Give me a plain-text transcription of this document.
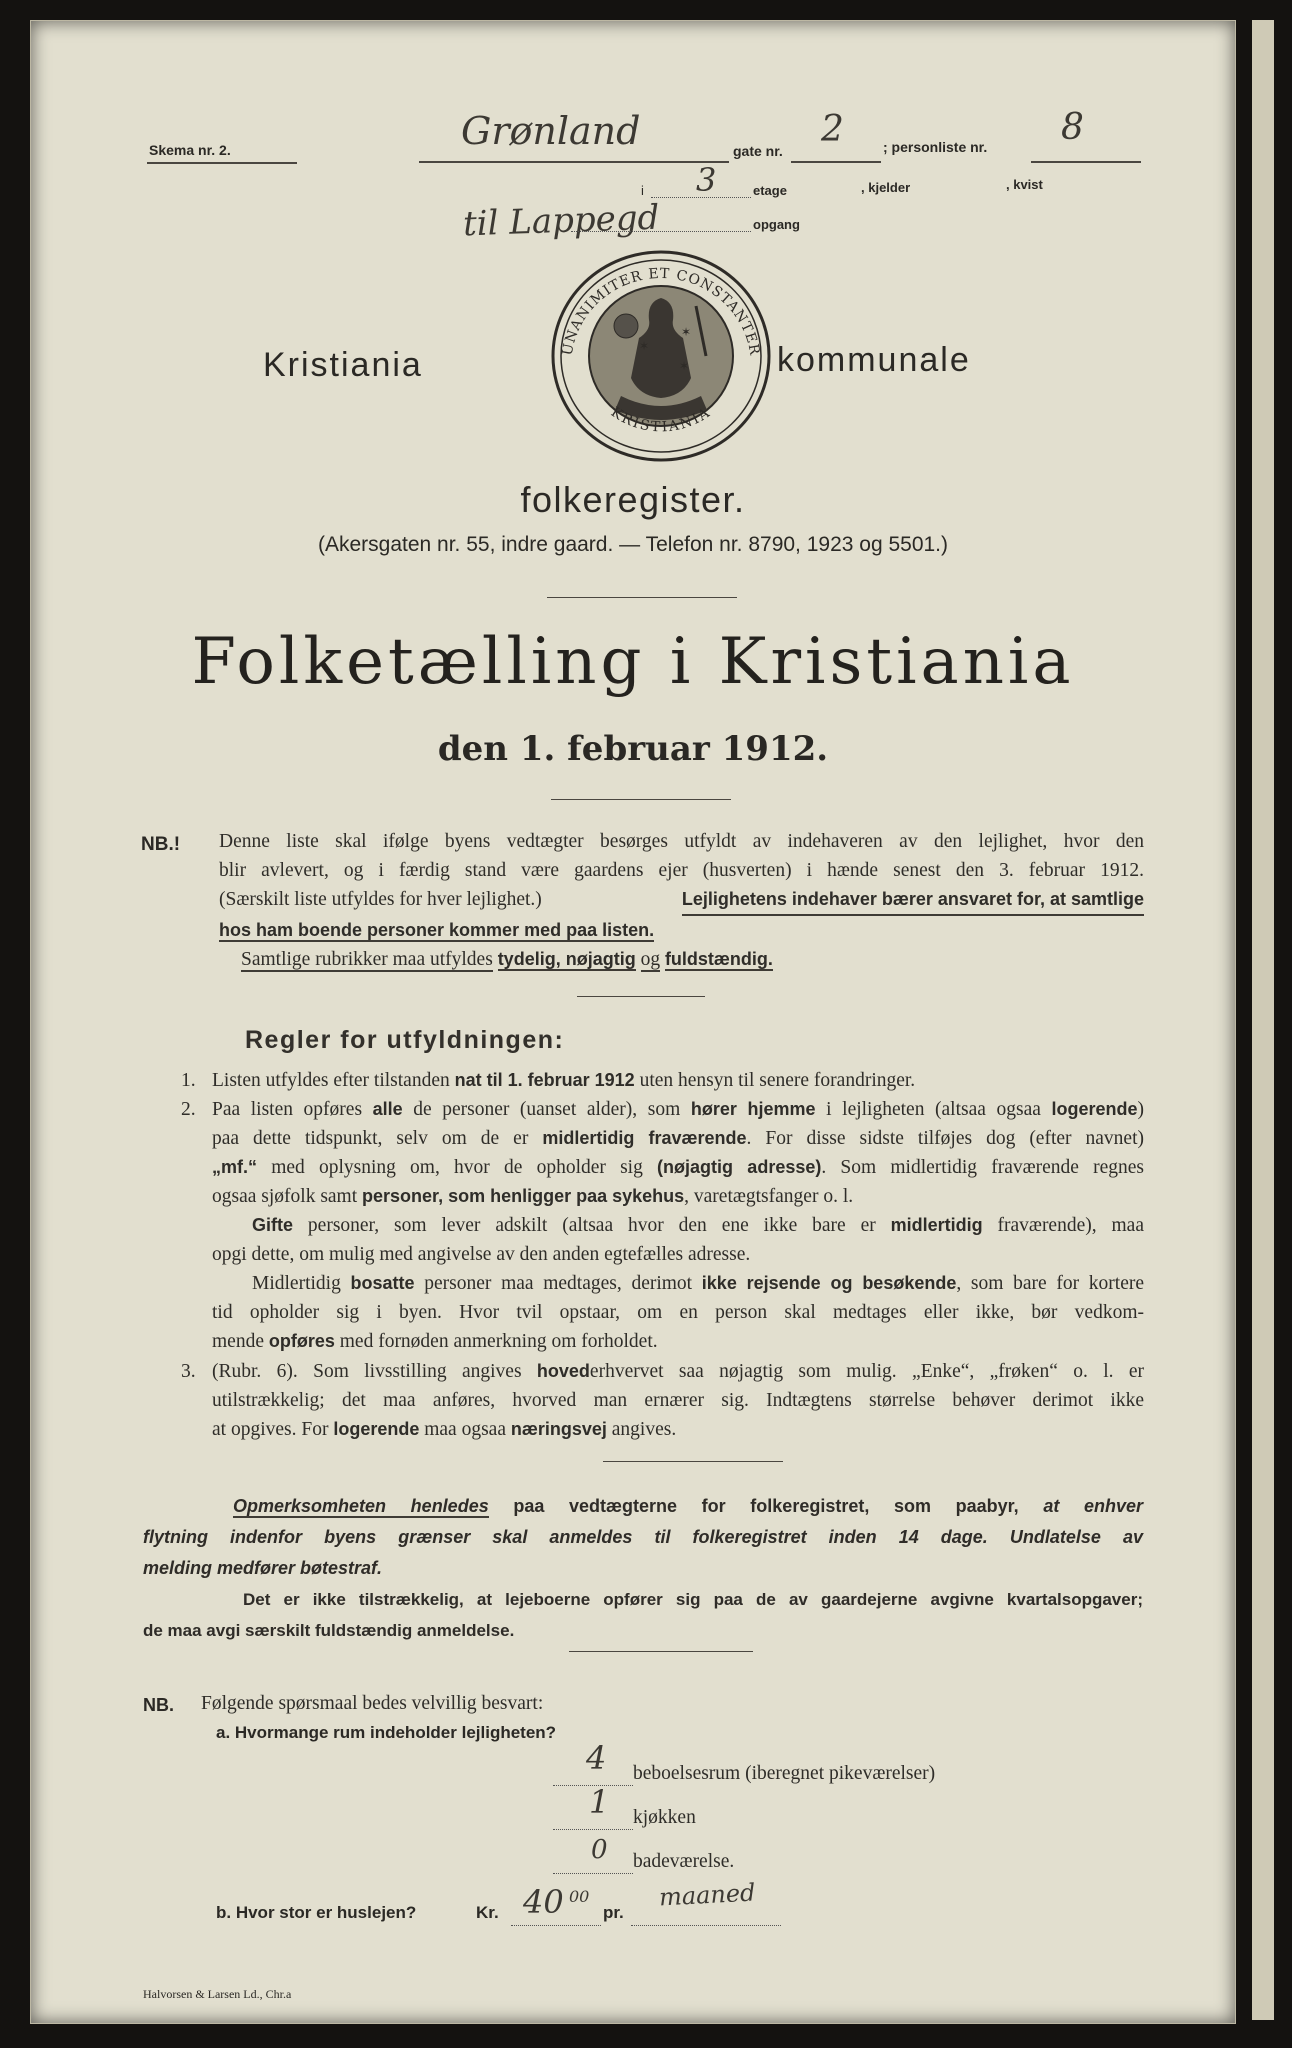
Skema nr. 2.	Grønland	gate nr.
2	; personliste nr. 8
i 3	etage	, kjelder	, kvist
til Lappegd	opgang
Kristiania	kommunale
✶
✶
✶
UNANIMITER ET CONSTANTER
KRISTIANIA
folkeregister.
(Akersgaten nr. 55, indre gaard. — Telefon nr. 8790, 1923 og 5501.)
Folketælling i Kristiania
den 1. februar 1912.
NB.! Denne liste skal ifølge byens vedtægter besørges utfyldt av indehaveren av den lejlighet, hvor den
blir avlevert, og i færdig stand være gaardens ejer (husverten) i hænde senest den 3. februar 1912.
(Særskilt liste utfyldes for hver lejlighet.)	Lejlighetens indehaver bærer ansvaret for, at samtlige
hos ham boende personer kommer med paa listen.
Samtlige rubrikker maa utfyldes tydelig, nøjagtig og fuldstændig.
Regler for utfyldningen:
1. Listen utfyldes efter tilstanden nat til 1. februar 1912 uten hensyn til senere forandringer.
2. Paa listen opføres alle de personer (uanset alder), som hører hjemme i lejligheten (altsaa ogsaa logerende)
paa dette tidspunkt, selv om de er midlertidig fraværende. For disse sidste tilføjes dog (efter navnet)
„mf.“ med oplysning om, hvor de opholder sig (nøjagtig adresse). Som midlertidig fraværende regnes
ogsaa sjøfolk samt personer, som henligger paa sykehus, varetægtsfanger o. l.
Gifte personer, som lever adskilt (altsaa hvor den ene ikke bare er midlertidig fraværende), maa
opgi dette, om mulig med angivelse av den anden egtefælles adresse.
Midlertidig bosatte personer maa medtages, derimot ikke rejsende og besøkende, som bare for kortere
tid opholder sig i byen. Hvor tvil opstaar, om en person skal medtages eller ikke, bør vedkom-
mende opføres med fornøden anmerkning om forholdet.
3. (Rubr. 6). Som livsstilling angives hovederhvervet saa nøjagtig som mulig. „Enke“, „frøken“ o. l. er
utilstrækkelig; det maa anføres, hvorved man ernærer sig. Indtægtens størrelse behøver derimot ikke
at opgives. For logerende maa ogsaa næringsvej angives.
Opmerksomheten henledes paa vedtægterne for folkeregistret, som paabyr, at enhver
flytning indenfor byens grænser skal anmeldes til folkeregistret inden 14 dage. Undlatelse av
melding medfører bøtestraf.
Det er ikke tilstrækkelig, at lejeboerne opfører sig paa de av gaardejerne avgivne kvartalsopgaver;
de maa avgi særskilt fuldstændig anmeldelse.
NB. Følgende spørsmaal bedes velvillig besvart:
a. Hvormange rum indeholder lejligheten?
4 beboelsesrum (iberegnet pikeværelser)
1 kjøkken
0 badeværelse.
b. Hvor stor er huslejen?	Kr. 40 00
pr.
maaned
Halvorsen & Larsen Ld., Chr.a
